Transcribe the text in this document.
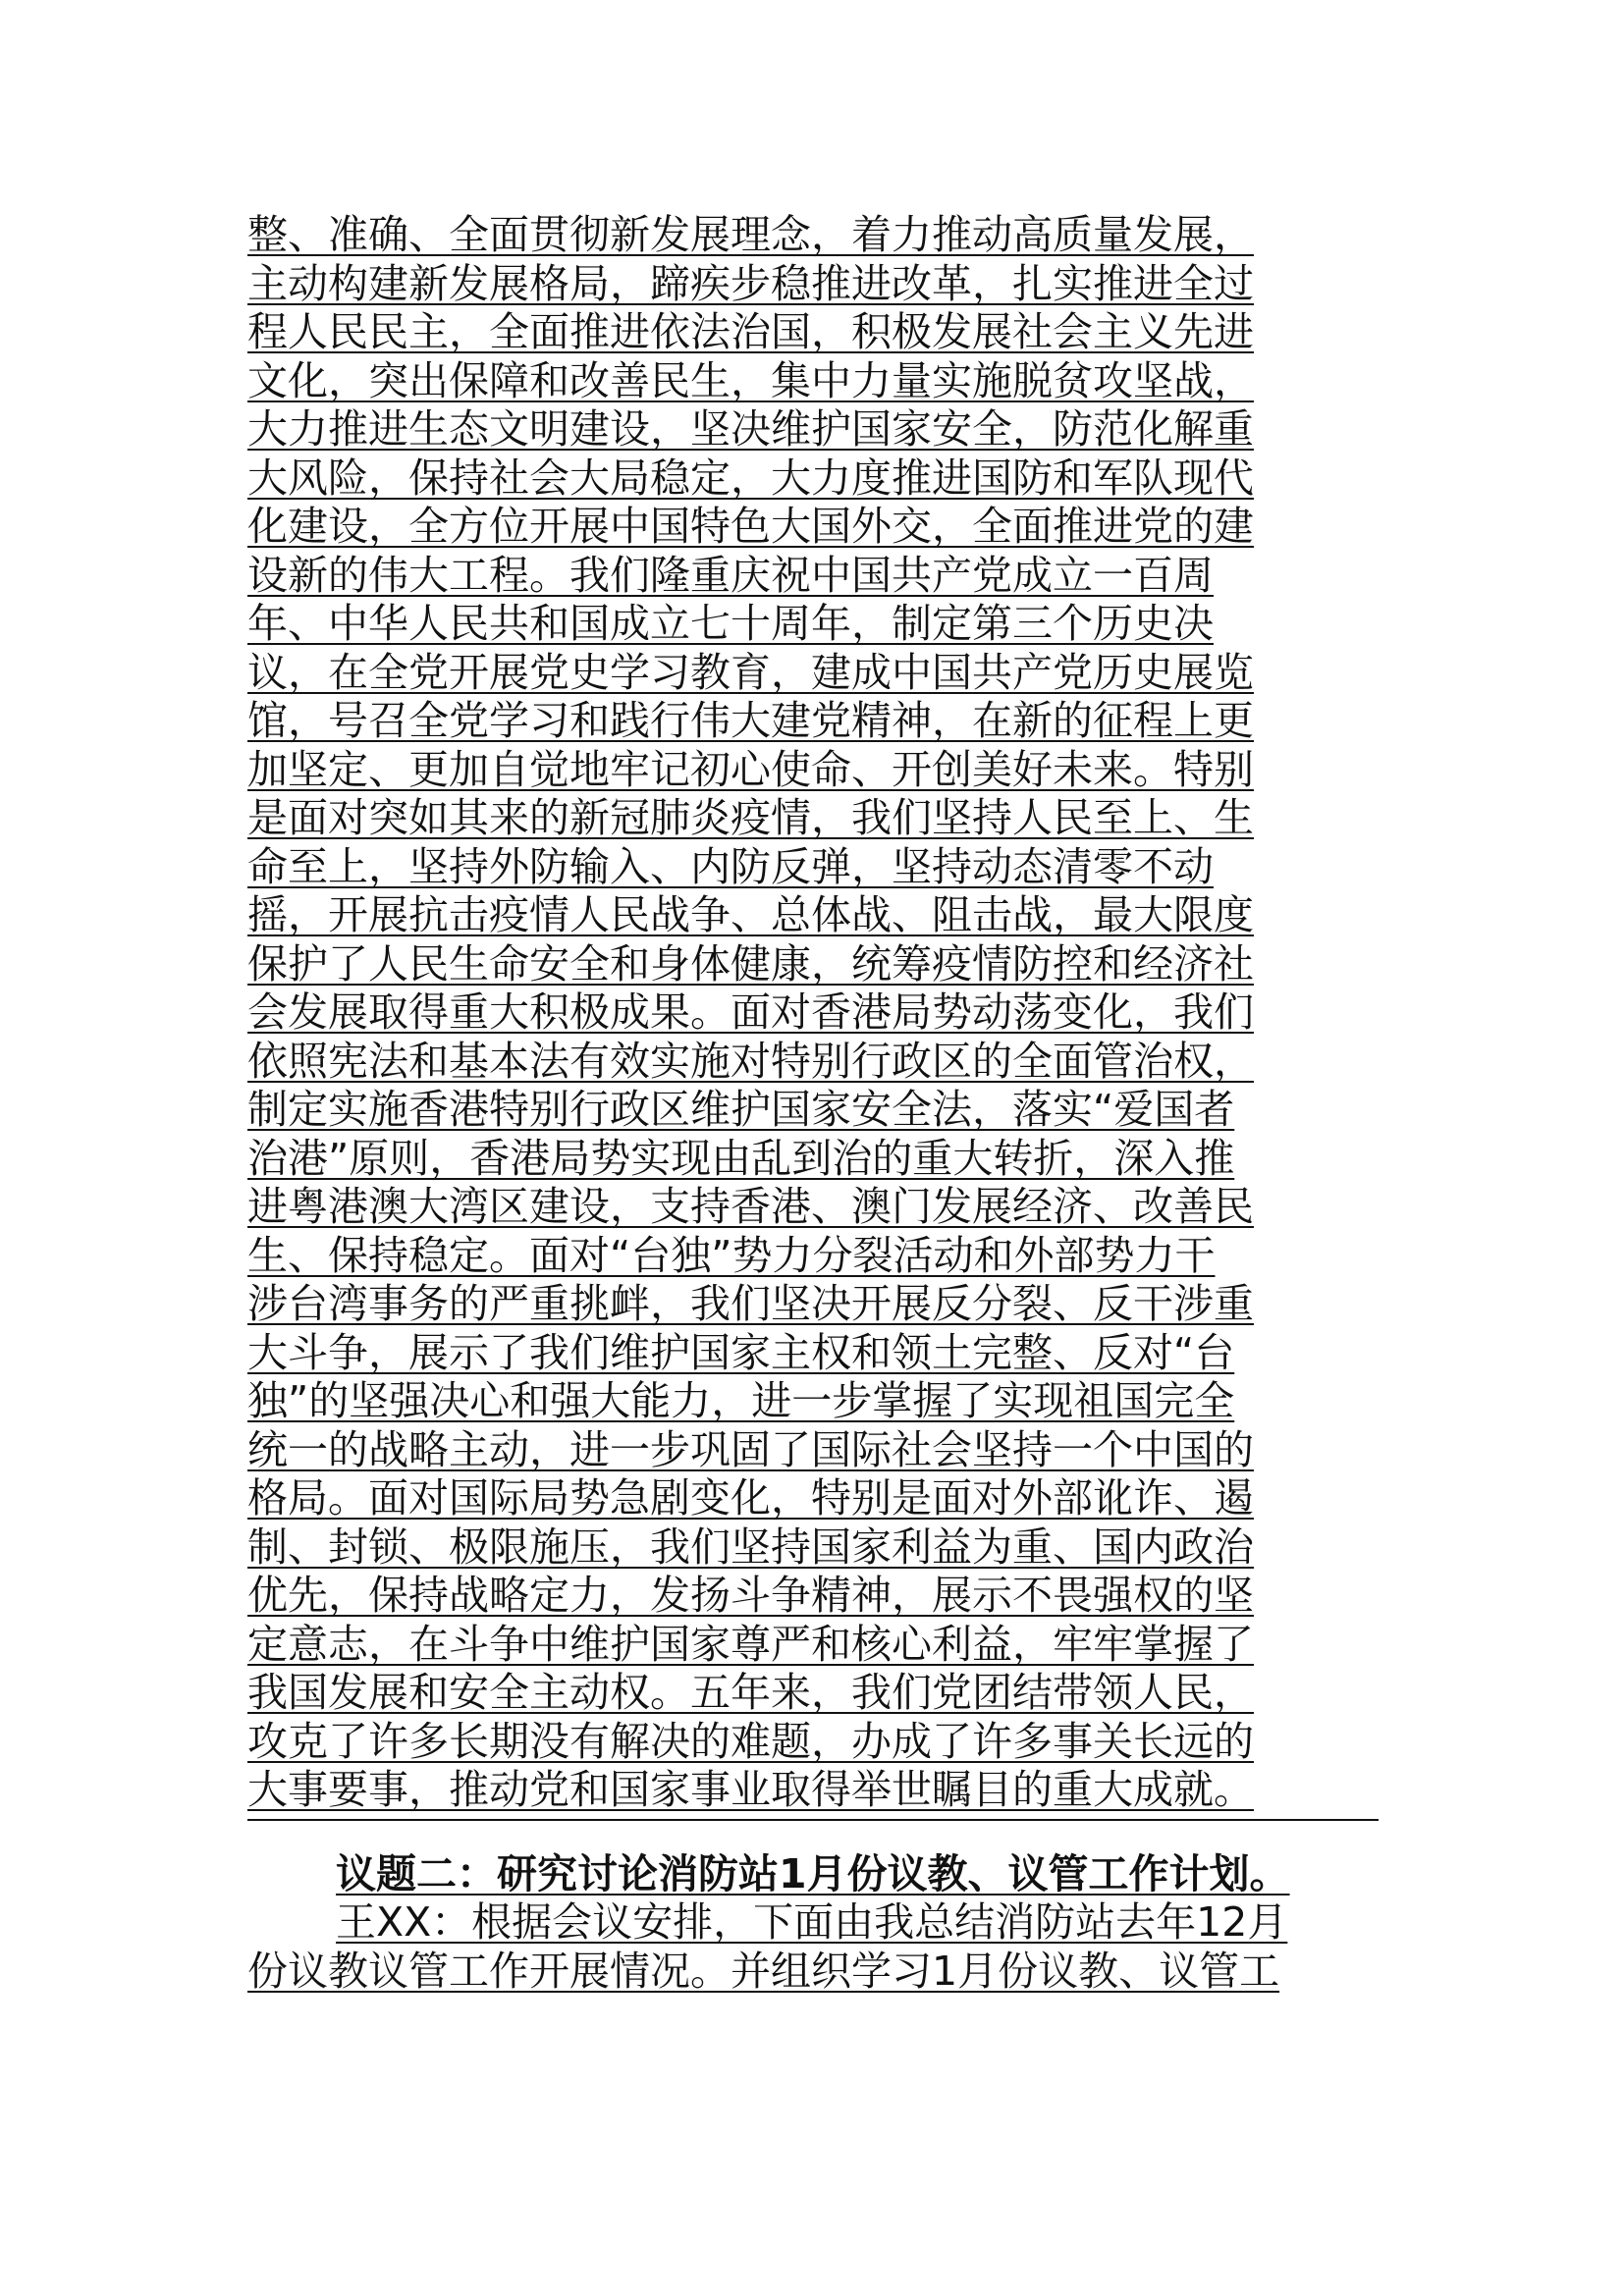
整、准确、全面贯彻新发展理念，着力推动高质量发展，
主动构建新发展格局，蹄疾步稳推进改革，扎实推进全过
程人民民主，全面推进依法治国，积极发展社会主义先进
文化，突出保障和改善民生，集中力量实施脱贫攻坚战，
大力推进生态文明建设，坚决维护国家安全，防范化解重
大风险，保持社会大局稳定，大力度推进国防和军队现代
化建设，全方位开展中国特色大国外交，全面推进党的建
设新的伟大工程。我们隆重庆祝中国共产党成立一百周
年、中华人民共和国成立七十周年，制定第三个历史决
议，在全党开展党史学习教育，建成中国共产党历史展览
馆，号召全党学习和践行伟大建党精神，在新的征程上更
加坚定、更加自觉地牢记初心使命、开创美好未来。特别
是面对突如其来的新冠肺炎疫情，我们坚持人民至上、生
命至上，坚持外防输入、内防反弹，坚持动态清零不动
摇，开展抗击疫情人民战争、总体战、阻击战，最大限度
保护了人民生命安全和身体健康，统筹疫情防控和经济社
会发展取得重大积极成果。面对香港局势动荡变化，我们
依照宪法和基本法有效实施对特别行政区的全面管治权，
制定实施香港特别行政区维护国家安全法，落实“爱国者
治港”原则，香港局势实现由乱到治的重大转折，深入推
进粤港澳大湾区建设，支持香港、澳门发展经济、改善民
生、保持稳定。面对“台独”势力分裂活动和外部势力干
涉台湾事务的严重挑衅，我们坚决开展反分裂、反干涉重
大斗争，展示了我们维护国家主权和领土完整、反对“台
独”的坚强决心和强大能力，进一步掌握了实现祖国完全
统一的战略主动，进一步巩固了国际社会坚持一个中国的
格局。面对国际局势急剧变化，特别是面对外部讹诈、遏
制、封锁、极限施压，我们坚持国家利益为重、国内政治
优先，保持战略定力，发扬斗争精神，展示不畏强权的坚
定意志，在斗争中维护国家尊严和核心利益，牢牢掌握了
我国发展和安全主动权。五年来，我们党团结带领人民，
攻克了许多长期没有解决的难题，办成了许多事关长远的
大事要事，推动党和国家事业取得举世瞩目的重大成就。
议题二：研究讨论消防站1月份议教、议管工作计划。
王XX：根据会议安排，下面由我总结消防站去年12月
份议教议管工作开展情况。并组织学习1月份议教、议管工
